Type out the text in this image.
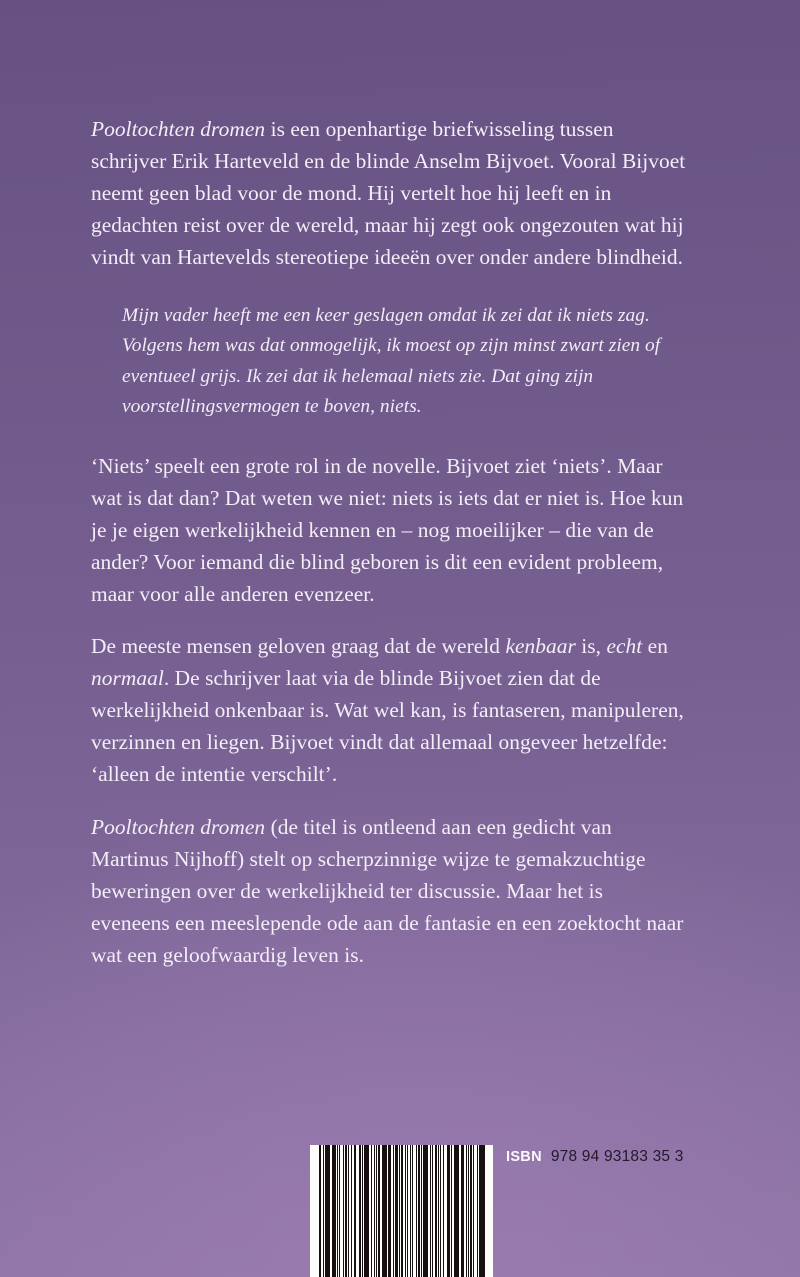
Pooltochten dromen is een openhartige briefwisseling tussen schrijver Erik Harteveld en de blinde Anselm Bijvoet. Vooral Bijvoet neemt geen blad voor de mond. Hij vertelt hoe hij leeft en in gedachten reist over de wereld, maar hij zegt ook ongezouten wat hij vindt van Hartevelds stereotiepe ideeën over onder andere blindheid.

Mijn vader heeft me een keer geslagen omdat ik zei dat ik niets zag. Volgens hem was dat onmogelijk, ik moest op zijn minst zwart zien of eventueel grijs. Ik zei dat ik helemaal niets zie. Dat ging zijn voorstellingsvermogen te boven, niets.

‘Niets’ speelt een grote rol in de novelle. Bijvoet ziet ‘niets’. Maar wat is dat dan? Dat weten we niet: niets is iets dat er niet is. Hoe kun je je eigen werkelijkheid kennen en – nog moeilijker – die van de ander? Voor iemand die blind geboren is dit een evident probleem, maar voor alle anderen evenzeer.

De meeste mensen geloven graag dat de wereld kenbaar is, echt en normaal. De schrijver laat via de blinde Bijvoet zien dat de werkelijkheid onkenbaar is. Wat wel kan, is fantaseren, manipuleren, verzinnen en liegen. Bijvoet vindt dat allemaal ongeveer hetzelfde: ‘alleen de intentie verschilt’.

Pooltochten dromen (de titel is ontleend aan een gedicht van Martinus Nijhoff) stelt op scherpzinnige wijze te gemakzuchtige beweringen over de werkelijkheid ter discussie. Maar het is eveneens een meeslepende ode aan de fantasie en een zoektocht naar wat een geloofwaardig leven is.

ISBN 978 94 93183 35 3
